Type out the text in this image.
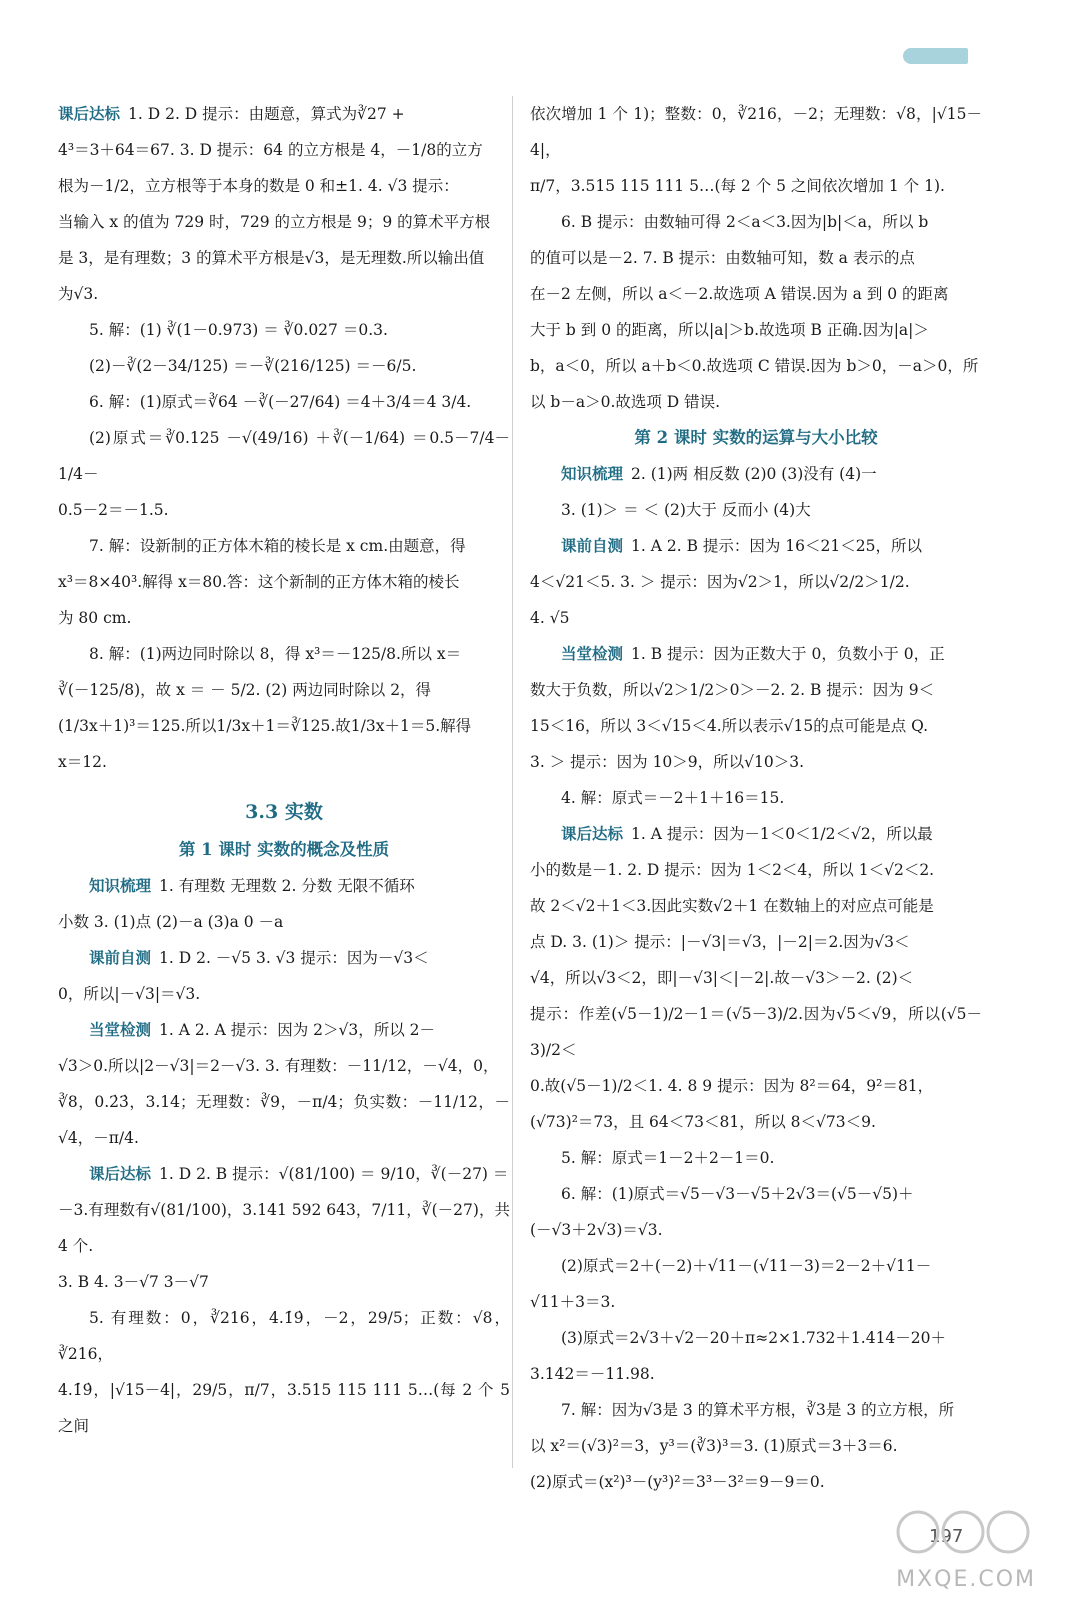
课后达标 1. D 2. D 提示：由题意，算式为∛27 +

4³＝3＋64＝67. 3. D 提示：64 的立方根是 4，－1/8的立方

根为－1/2，立方根等于本身的数是 0 和±1. 4. √3 提示：

当输入 x 的值为 729 时，729 的立方根是 9；9 的算术平方根

是 3，是有理数；3 的算术平方根是√3，是无理数.所以输出值

为√3.

5. 解：(1) ∛(1－0.973) ＝ ∛0.027 ＝0.3.

(2)－∛(2－34/125) ＝－∛(216/125) ＝－6/5.

6. 解：(1)原式＝∛64 －∛(－27/64) ＝4＋3/4＝4 3/4.

(2)原式＝∛0.125 －√(49/16) ＋∛(－1/64) ＝0.5－7/4－1/4－

0.5－2＝－1.5.

7. 解：设新制的正方体木箱的棱长是 x cm.由题意，得

x³＝8×40³.解得 x＝80.答：这个新制的正方体木箱的棱长

为 80 cm.

8. 解：(1)两边同时除以 8，得 x³＝－125/8.所以 x＝

∛(－125/8)，故 x ＝ － 5/2. (2) 两边同时除以 2，得

(1/3x＋1)³＝125.所以1/3x＋1＝∛125.故1/3x＋1＝5.解得

x＝12.

3.3 实数
第 1 课时 实数的概念及性质

知识梳理 1. 有理数 无理数 2. 分数 无限不循环

小数 3. (1)点 (2)－a (3)a 0 －a

课前自测 1. D 2. －√5 3. √3 提示：因为－√3＜

0，所以|－√3|＝√3.

当堂检测 1. A 2. A 提示：因为 2＞√3，所以 2－

√3＞0.所以|2－√3|＝2－√3. 3. 有理数：－11/12，－√4，0，

∛8，0.2̇3̇，3.14；无理数：∛9，－π/4；负实数：－11/12，－√4，－π/4.

课后达标 1. D 2. B 提示：√(81/100) ＝ 9/10，∛(－27) ＝

－3.有理数有√(81/100)，3.141 592 643，7/11，∛(－27)，共 4 个.

3. B 4. 3－√7 3－√7

5. 有理数：0，∛216，4.1̇9̇，－2，29/5；正数：√8，∛216，

4.1̇9̇，|√15－4|，29/5，π/7，3.515 115 111 5…(每 2 个 5 之间

依次增加 1 个 1)；整数：0，∛216，－2；无理数：√8，|√15－4|，

π/7，3.515 115 111 5…(每 2 个 5 之间依次增加 1 个 1).

6. B 提示：由数轴可得 2＜a＜3.因为|b|＜a，所以 b

的值可以是－2. 7. B 提示：由数轴可知，数 a 表示的点

在－2 左侧，所以 a＜－2.故选项 A 错误.因为 a 到 0 的距离

大于 b 到 0 的距离，所以|a|＞b.故选项 B 正确.因为|a|＞

b，a＜0，所以 a＋b＜0.故选项 C 错误.因为 b＞0，－a＞0，所

以 b－a＞0.故选项 D 错误.

第 2 课时 实数的运算与大小比较

知识梳理 2. (1)两 相反数 (2)0 (3)没有 (4)一

3. (1)＞ ＝ ＜ (2)大于 反而小 (4)大

课前自测 1. A 2. B 提示：因为 16＜21＜25，所以

4＜√21＜5. 3. ＞ 提示：因为√2＞1，所以√2/2＞1/2.

4. √5

当堂检测 1. B 提示：因为正数大于 0，负数小于 0，正

数大于负数，所以√2＞1/2＞0＞－2. 2. B 提示：因为 9＜

15＜16，所以 3＜√15＜4.所以表示√15的点可能是点 Q.

3. ＞ 提示：因为 10＞9，所以√10＞3.

4. 解：原式＝－2＋1＋16＝15.

课后达标 1. A 提示：因为－1＜0＜1/2＜√2，所以最

小的数是－1. 2. D 提示：因为 1＜2＜4，所以 1＜√2＜2.

故 2＜√2＋1＜3.因此实数√2＋1 在数轴上的对应点可能是

点 D. 3. (1)＞ 提示：|－√3|＝√3，|－2|＝2.因为√3＜

√4，所以√3＜2，即|－√3|＜|－2|.故－√3＞－2. (2)＜

提示：作差(√5－1)/2－1＝(√5－3)/2.因为√5＜√9，所以(√5－3)/2＜

0.故(√5－1)/2＜1. 4. 8 9 提示：因为 8²＝64，9²＝81，

(√73)²＝73，且 64＜73＜81，所以 8＜√73＜9.

5. 解：原式＝1－2＋2－1＝0.

6. 解：(1)原式＝√5－√3－√5＋2√3＝(√5－√5)＋

(－√3＋2√3)＝√3.

(2)原式＝2＋(－2)＋√11－(√11－3)＝2－2＋√11－

√11＋3＝3.

(3)原式＝2√3＋√2－20＋π≈2×1.732＋1.414－20＋

3.142＝－11.98.

7. 解：因为√3是 3 的算术平方根，∛3是 3 的立方根，所

以 x²＝(√3)²＝3，y³＝(∛3)³＝3. (1)原式＝3＋3＝6.

(2)原式＝(x²)³－(y³)²＝3³－3²＝9－9＝0.

197
MXQE.COM
